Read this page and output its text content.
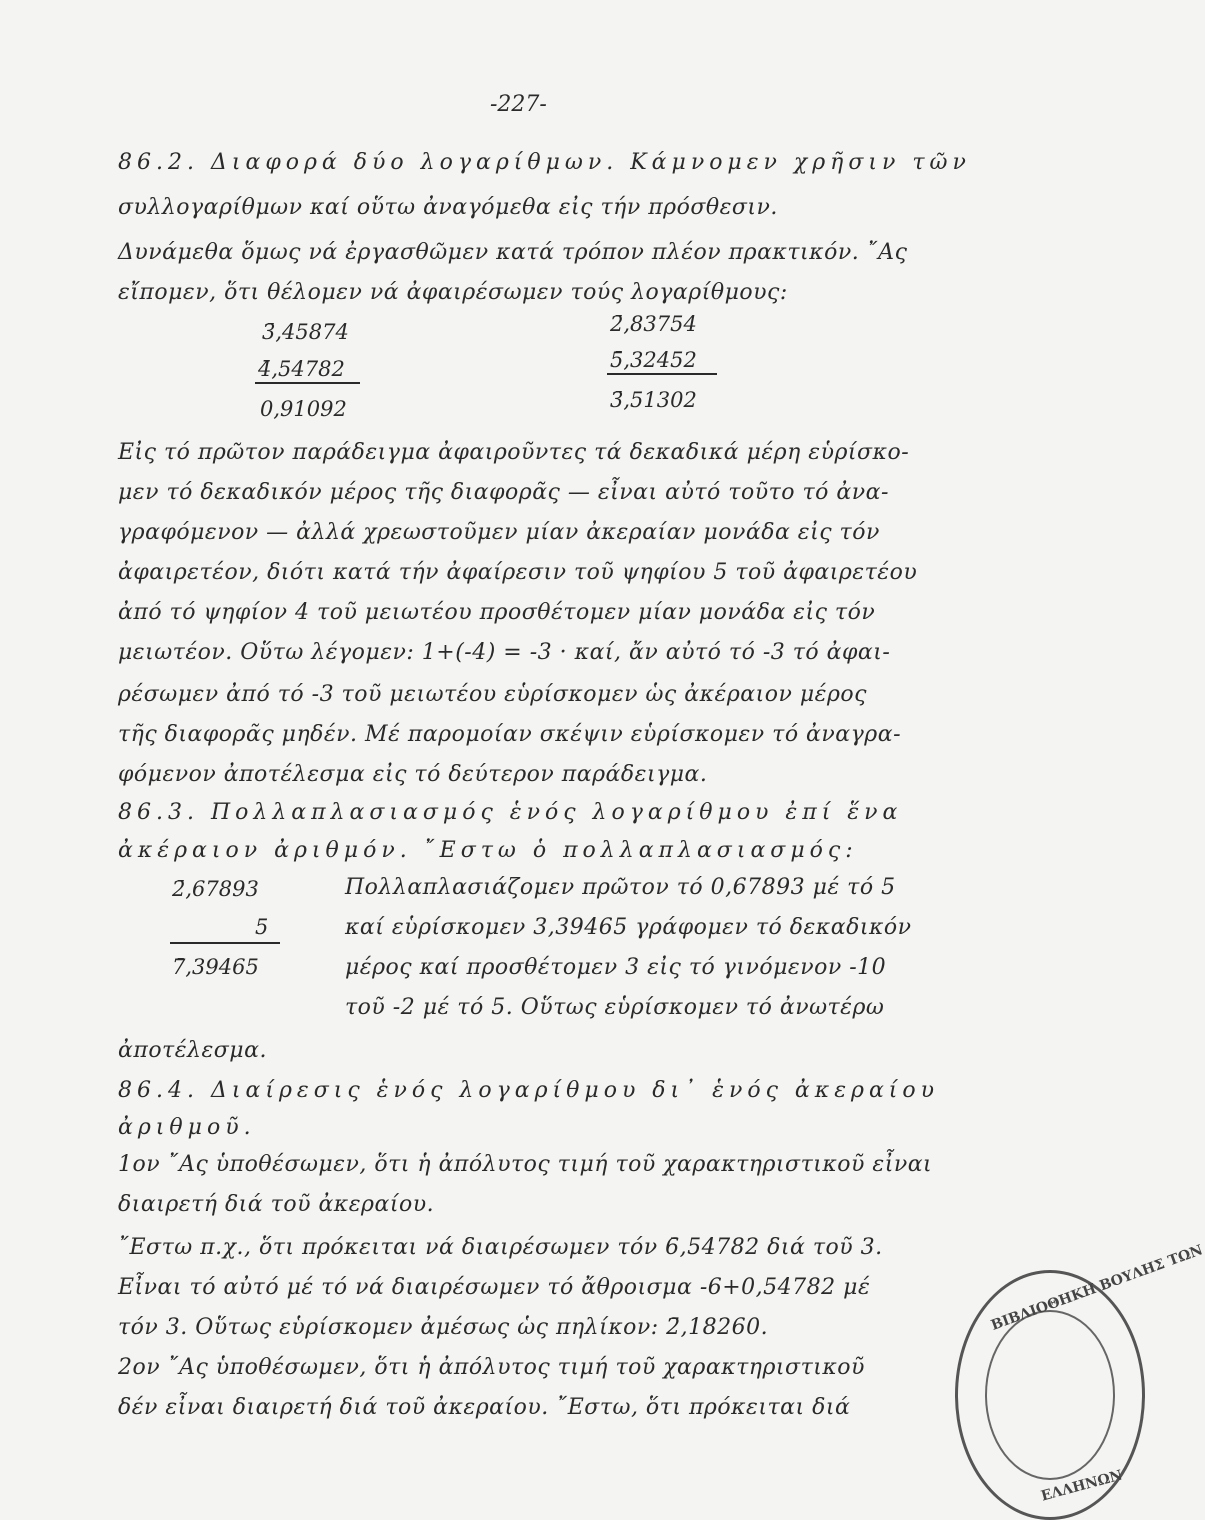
-227-
86.2. Διαφορά δύο λογαρίθμων. Κάμνομεν χρῆσιν τῶν
συλλογαρίθμων καί οὕτω ἀναγόμεθα εἰς τήν πρόσθεσιν.
Δυνάμεθα ὅμως νά ἐργασθῶμεν κατά τρόπον πλέον πρακτικόν. ῎Ας
εἴπομεν, ὅτι θέλομεν νά ἀφαιρέσωμεν τούς λογαρίθμους:
3̄,45874
4̄,54782
0,91092
2̄,83754
5̄,32452
3̄,51302
Εἰς τό πρῶτον παράδειγμα ἀφαιροῦντες τά δεκαδικά μέρη εὑρίσκο-
μεν τό δεκαδικόν μέρος τῆς διαφορᾶς — εἶναι αὐτό τοῦτο τό ἀνα-
γραφόμενον — ἀλλά χρεωστοῦμεν μίαν ἀκεραίαν μονάδα εἰς τόν
ἀφαιρετέον, διότι κατά τήν ἀφαίρεσιν τοῦ ψηφίου 5 τοῦ ἀφαιρετέου
ἀπό τό ψηφίον 4 τοῦ μειωτέου προσθέτομεν μίαν μονάδα εἰς τόν
μειωτέον. Οὕτω λέγομεν: 1+(-4) = -3 · καί, ἄν αὐτό τό -3 τό ἀφαι-
ρέσωμεν ἀπό τό -3 τοῦ μειωτέου εὑρίσκομεν ὡς ἀκέραιον μέρος
τῆς διαφορᾶς μηδέν. Μέ παρομοίαν σκέψιν εὑρίσκομεν τό ἀναγρα-
φόμενον ἀποτέλεσμα εἰς τό δεύτερον παράδειγμα.
86.3. Πολλαπλασιασμός ἑνός λογαρίθμου ἐπί ἕνα
ἀκέραιον ἀριθμόν. ῎Εστω ὁ πολλαπλασιασμός:
2̄,67893
5
7̄,39465
Πολλαπλασιάζομεν πρῶτον τό 0,67893 μέ τό 5
καί εὑρίσκομεν 3,39465 γράφομεν τό δεκαδικόν
μέρος καί προσθέτομεν 3 εἰς τό γινόμενον -10
τοῦ -2 μέ τό 5. Οὕτως εὑρίσκομεν τό ἀνωτέρω
ἀποτέλεσμα.
86.4. Διαίρεσις ἑνός λογαρίθμου δι᾽ ἑνός ἀκεραίου
ἀριθμοῦ.
1ον ῎Ας ὑποθέσωμεν, ὅτι ἡ ἀπόλυτος τιμή τοῦ χαρακτηριστικοῦ εἶναι
διαιρετή διά τοῦ ἀκεραίου.
῎Εστω π.χ., ὅτι πρόκειται νά διαιρέσωμεν τόν 6̄,54782 διά τοῦ 3.
Εἶναι τό αὐτό μέ τό νά διαιρέσωμεν τό ἄθροισμα -6+0,54782 μέ
τόν 3. Οὕτως εὑρίσκομεν ἀμέσως ὡς πηλίκον: 2̄,18260.
2ον ῎Ας ὑποθέσωμεν, ὅτι ἡ ἀπόλυτος τιμή τοῦ χαρακτηριστικοῦ
δέν εἶναι διαιρετή διά τοῦ ἀκεραίου. ῎Εστω, ὅτι πρόκειται διά
ΒΙΒΛΙΟΘΗΚΗ ΒΟΥΛΗΣ ΤΩΝ
ΕΛΛΗΝΩΝ
